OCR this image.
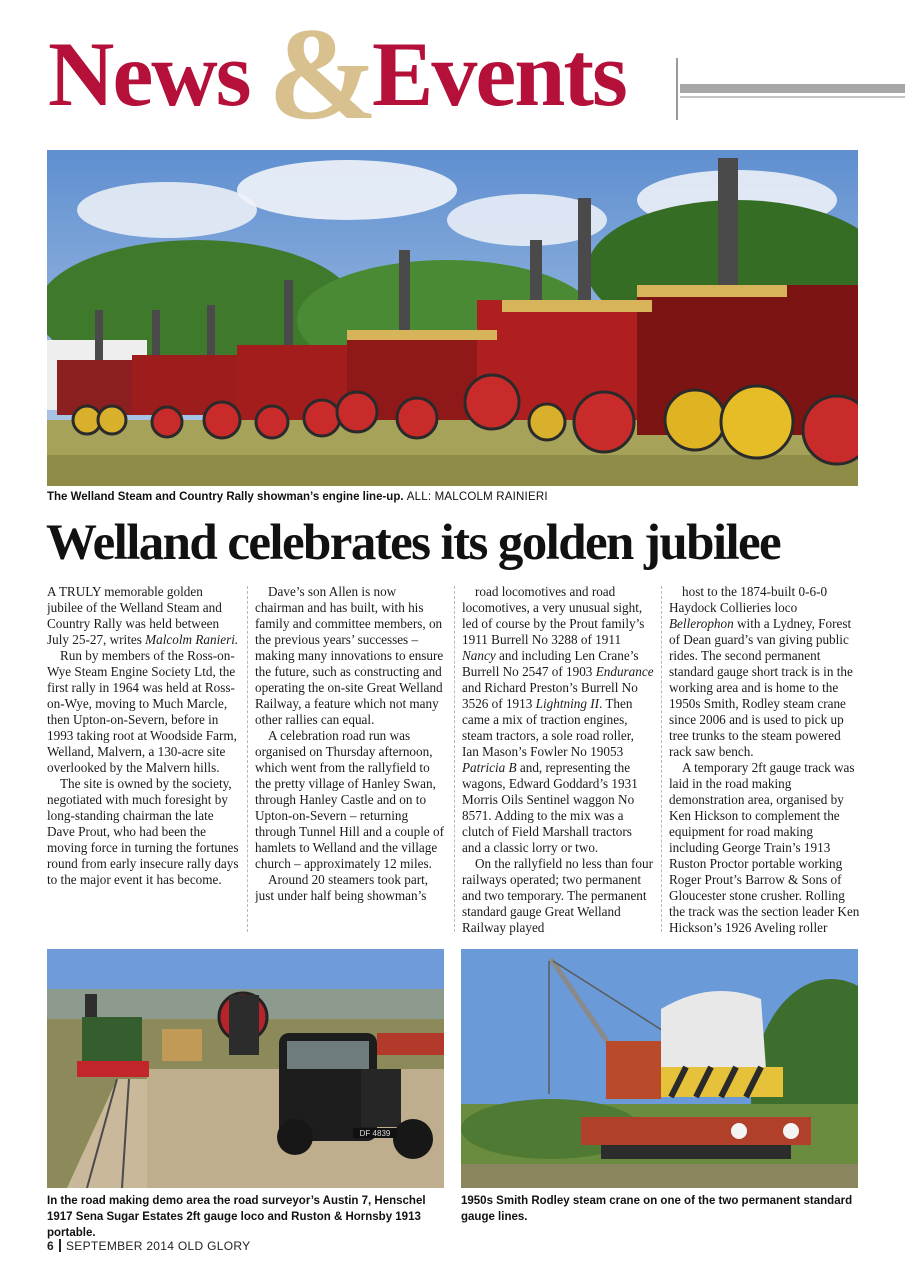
&
News Events
The Welland Steam and Country Rally showman’s engine line-up. ALL: MALCOLM RAINIERI
Welland celebrates its golden jubilee

A TRULY memorable golden jubilee of the Welland Steam and Country Rally was held between July 25-27, writes Malcolm Ranieri.

Run by members of the Ross-on-Wye Steam Engine Society Ltd, the first rally in 1964 was held at Ross-on-Wye, moving to Much Marcle, then Upton-on-Severn, before in 1993 taking root at Woodside Farm, Welland, Malvern, a 130-acre site overlooked by the Malvern hills.

The site is owned by the society, negotiated with much foresight by long-standing chairman the late Dave Prout, who had been the moving force in turning the fortunes round from early insecure rally days to the major event it has become.

Dave’s son Allen is now chairman and has built, with his family and committee members, on the previous years’ successes – making many innovations to ensure the future, such as constructing and operating the on-site Great Welland Railway, a feature which not many other rallies can equal.

A celebration road run was organised on Thursday afternoon, which went from the rallyfield to the pretty village of Hanley Swan, through Hanley Castle and on to Upton-on-Severn – returning through Tunnel Hill and a couple of hamlets to Welland and the village church – approximately 12 miles.

Around 20 steamers took part, just under half being showman’s

road locomotives and road locomotives, a very unusual sight, led of course by the Prout family’s 1911 Burrell No 3288 of 1911 Nancy and including Len Crane’s Burrell No 2547 of 1903 Endurance and Richard Preston’s Burrell No 3526 of 1913 Lightning II. Then came a mix of traction engines, steam tractors, a sole road roller, Ian Mason’s Fowler No 19053 Patricia B and, representing the wagons, Edward Goddard’s 1931 Morris Oils Sentinel waggon No 8571. Adding to the mix was a clutch of Field Marshall tractors and a classic lorry or two.

On the rallyfield no less than four railways operated; two permanent and two temporary. The permanent standard gauge Great Welland Railway played

host to the 1874-built 0-6-0 Haydock Collieries loco Bellerophon with a Lydney, Forest of Dean guard’s van giving public rides. The second permanent standard gauge short track is in the working area and is home to the 1950s Smith, Rodley steam crane since 2006 and is used to pick up tree trunks to the steam powered rack saw bench.

A temporary 2ft gauge track was laid in the road making demonstration area, organised by Ken Hickson to complement the equipment for road making including George Train’s 1913 Ruston Proctor portable working Roger Prout’s Barrow & Sons of Gloucester stone crusher. Rolling the track was the section leader Ken Hickson’s 1926 Aveling roller

DF 4839
In the road making demo area the road surveyor’s Austin 7, Henschel 1917 Sena Sugar Estates 2ft gauge loco and Ruston & Hornsby 1913 portable.
1950s Smith Rodley steam crane on one of the two permanent standard gauge lines.
6 SEPTEMBER 2014 OLD GLORY
